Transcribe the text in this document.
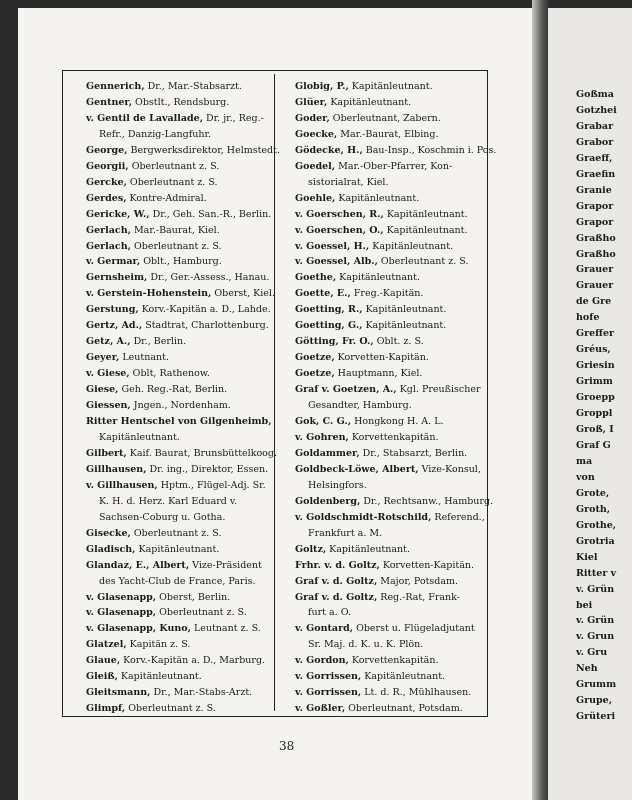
Goßma
Gotzhei
Grabar
Grabor
Graeff,
Graefin
Granie
Grapor
Grapor
Graßho
Graßho
Grauer
Grauer
de Gre
hofe
Greffer
Gréus,
Griesin
Grimm
Groepp
Groppl
Groß, I
Graf G
ma
von
Grote,
Groth,
Grothe,
Grotria
Kiel
Ritter v
v. Grün
bei
v. Grün
v. Grun
v. Gru
Neh
Grumm
Grupe,
Grüteri
Gennerich, Dr., Mar.-Stabsarzt.
Gentner, Obstlt., Rendsburg.
v. Gentil de Lavallade, Dr. jr., Reg.-
Refr., Danzig-Langfuhr.
George, Bergwerksdirektor, Helmstedt.
Georgii, Oberleutnant z. S.
Gercke, Oberleutnant z. S.
Gerdes, Kontre-Admiral.
Gericke, W., Dr., Geh. San.-R., Berlin.
Gerlach, Mar.-Baurat, Kiel.
Gerlach, Oberleutnant z. S.
v. Germar, Oblt., Hamburg.
Gernsheim, Dr., Ger.-Assess., Hanau.
v. Gerstein-Hohenstein, Oberst, Kiel.
Gerstung, Korv.-Kapitän a. D., Lahde.
Gertz, Ad., Stadtrat, Charlottenburg.
Getz, A., Dr., Berlin.
Geyer, Leutnant.
v. Giese, Oblt, Rathenow.
Giese, Geh. Reg.-Rat, Berlin.
Giessen, Jngen., Nordenham.
Ritter Hentschel von Gilgenheimb,
Kapitänleutnant.
Gilbert, Kaif. Baurat, Brunsbüttelkoog.
Gillhausen, Dr. ing., Direktor, Essen.
v. Gillhausen, Hptm., Flügel-Adj. Sr.
K. H. d. Herz. Karl Eduard v.
Sachsen-Coburg u. Gotha.
Gisecke, Oberleutnant z. S.
Gladisch, Kapitänleutnant.
Glandaz, E., Albert, Vize-Präsident
des Yacht-Club de France, Paris.
v. Glasenapp, Oberst, Berlin.
v. Glasenapp, Oberleutnant z. S.
v. Glasenapp, Kuno, Leutnant z. S.
Glatzel, Kapitän z. S.
Glaue, Korv.-Kapitän a. D., Marburg.
Gleiß, Kapitänleutnant.
Gleitsmann, Dr., Mar.-Stabs-Arzt.
Glimpf, Oberleutnant z. S.
Globig, P., Kapitänleutnant.
Glüer, Kapitänleutnant.
Goder, Oberleutnant, Zabern.
Goecke, Mar.-Baurat, Elbing.
Gödecke, H., Bau-Insp., Koschmin i. Pos.
Goedel, Mar.-Ober-Pfarrer, Kon-
sistorialrat, Kiel.
Goehle, Kapitänleutnant.
v. Goerschen, R., Kapitänleutnant.
v. Goerschen, O., Kapitänleutnant.
v. Goessel, H., Kapitänleutnant.
v. Goessel, Alb., Oberleutnant z. S.
Goethe, Kapitänleutnant.
Goette, E., Freg.-Kapitän.
Goetting, R., Kapitänleutnant.
Goetting, G., Kapitänleutnant.
Götting, Fr. O., Oblt. z. S.
Goetze, Korvetten-Kapitän.
Goetze, Hauptmann, Kiel.
Graf v. Goetzen, A., Kgl. Preußischer
Gesandter, Hamburg.
Gok, C. G., Hongkong H. A. L.
v. Gohren, Korvettenkapitän.
Goldammer, Dr., Stabsarzt, Berlin.
Goldbeck-Löwe, Albert, Vize-Konsul,
Helsingfors.
Goldenberg, Dr., Rechtsanw., Hamburg.
v. Goldschmidt-Rotschild, Referend.,
Frankfurt a. M.
Goltz, Kapitänleutnant.
Frhr. v. d. Goltz, Korvetten-Kapitän.
Graf v. d. Goltz, Major, Potsdam.
Graf v. d. Goltz, Reg.-Rat, Frank-
furt a. O.
v. Gontard, Oberst u. Flügeladjutant
Sr. Maj. d. K. u. K. Plön.
v. Gordon, Korvettenkapitän.
v. Gorrissen, Kapitänleutnant.
v. Gorrissen, Lt. d. R., Mühlhausen.
v. Goßler, Oberleutnant, Potsdam.
38
